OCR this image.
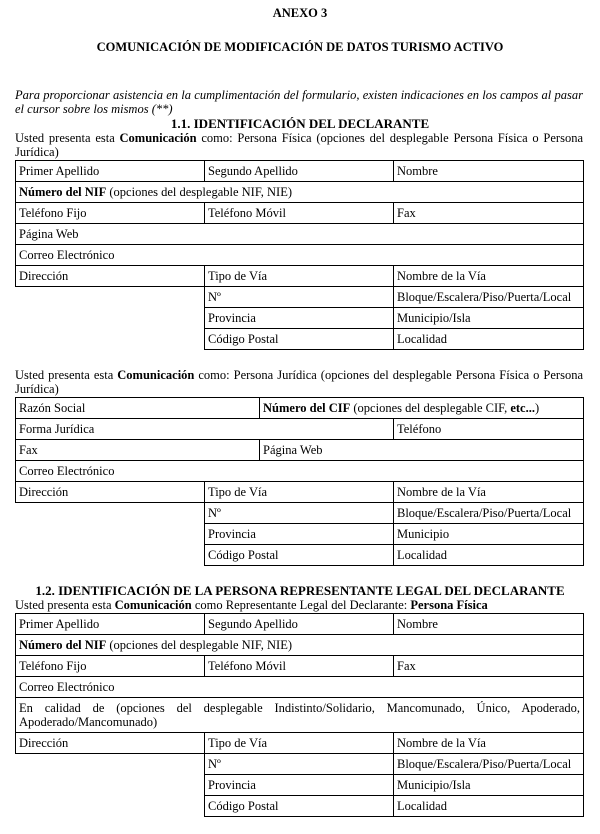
ANEXO 3
COMUNICACIÓN DE MODIFICACIÓN DE DATOS TURISMO ACTIVO
Para proporcionar asistencia en la cumplimentación del formulario, existen indicaciones en los campos al pasar el cursor sobre los mismos (**)
1.1. IDENTIFICACIÓN DEL DECLARANTE
Usted presenta esta Comunicación como: Persona Física (opciones del desplegable Persona Física o Persona Jurídica)
Primer Apellido	Segundo Apellido	Nombre
Número del NIF (opciones del desplegable NIF, NIE)		
Teléfono Fijo	Teléfono Móvil	Fax
Página Web		
Correo Electrónico		
Dirección	Tipo de Vía	Nombre de la Vía
	Nº	Bloque/Escalera/Piso/Puerta/Local
	Provincia	Municipio/Isla
	Código Postal	Localidad
Usted presenta esta Comunicación como: Persona Jurídica (opciones del desplegable Persona Física o Persona Jurídica)
Razón Social		Número del CIF (opciones del desplegable CIF, etc...)	
Forma Jurídica			Teléfono
Fax		Página Web	
Correo Electrónico			
Dirección	Tipo de Vía		Nombre de la Vía
	Nº		Bloque/Escalera/Piso/Puerta/Local
	Provincia		Municipio
	Código Postal		Localidad
1.2. IDENTIFICACIÓN DE LA PERSONA REPRESENTANTE LEGAL DEL DECLARANTE
Usted presenta esta Comunicación como Representante Legal del Declarante: Persona Física
Primer Apellido	Segundo Apellido	Nombre
Número del NIF (opciones del desplegable NIF, NIE)		
Teléfono Fijo	Teléfono Móvil	Fax
Correo Electrónico		
En calidad de (opciones del desplegable Indistinto/Solidario, Mancomunado, Único, Apoderado, Apoderado/Mancomunado)		
Dirección	Tipo de Vía	Nombre de la Vía
	Nº	Bloque/Escalera/Piso/Puerta/Local
	Provincia	Municipio/Isla
	Código Postal	Localidad
